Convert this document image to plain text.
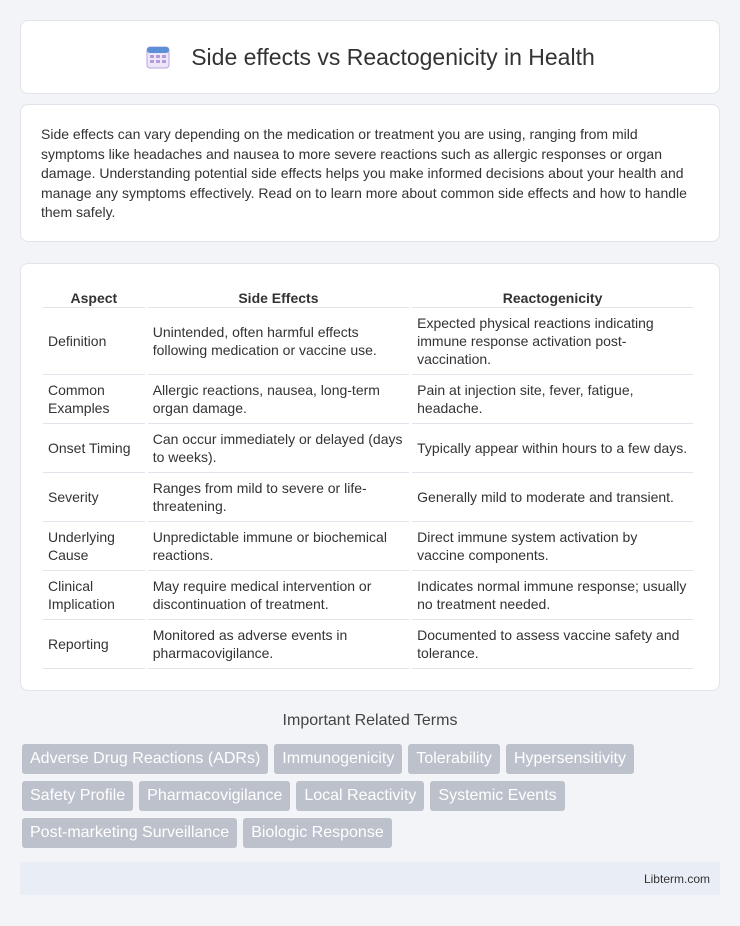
Side effects vs Reactogenicity in Health

Side effects can vary depending on the medication or treatment you are using, ranging from mild symptoms like headaches and nausea to more severe reactions such as allergic responses or organ damage. Understanding potential side effects helps you make informed decisions about your health and manage any symptoms effectively. Read on to learn more about common side effects and how to handle them safely.

Aspect	Side Effects	Reactogenicity
Definition	Unintended, often harmful effects following medication or vaccine use.	Expected physical reactions indicating immune response activation post-vaccination.
Common Examples	Allergic reactions, nausea, long-term organ damage.	Pain at injection site, fever, fatigue, headache.
Onset Timing	Can occur immediately or delayed (days to weeks).	Typically appear within hours to a few days.
Severity	Ranges from mild to severe or life-threatening.	Generally mild to moderate and transient.
Underlying Cause	Unpredictable immune or biochemical reactions.	Direct immune system activation by vaccine components.
Clinical Implication	May require medical intervention or discontinuation of treatment.	Indicates normal immune response; usually no treatment needed.
Reporting	Monitored as adverse events in pharmacovigilance.	Documented to assess vaccine safety and tolerance.
Important Related Terms
Adverse Drug Reactions (ADRs)	Immunogenicity	Tolerability	Hypersensitivity
Safety Profile	Pharmacovigilance	Local Reactivity	Systemic Events
Post-marketing Surveillance	Biologic Response
Libterm.com
